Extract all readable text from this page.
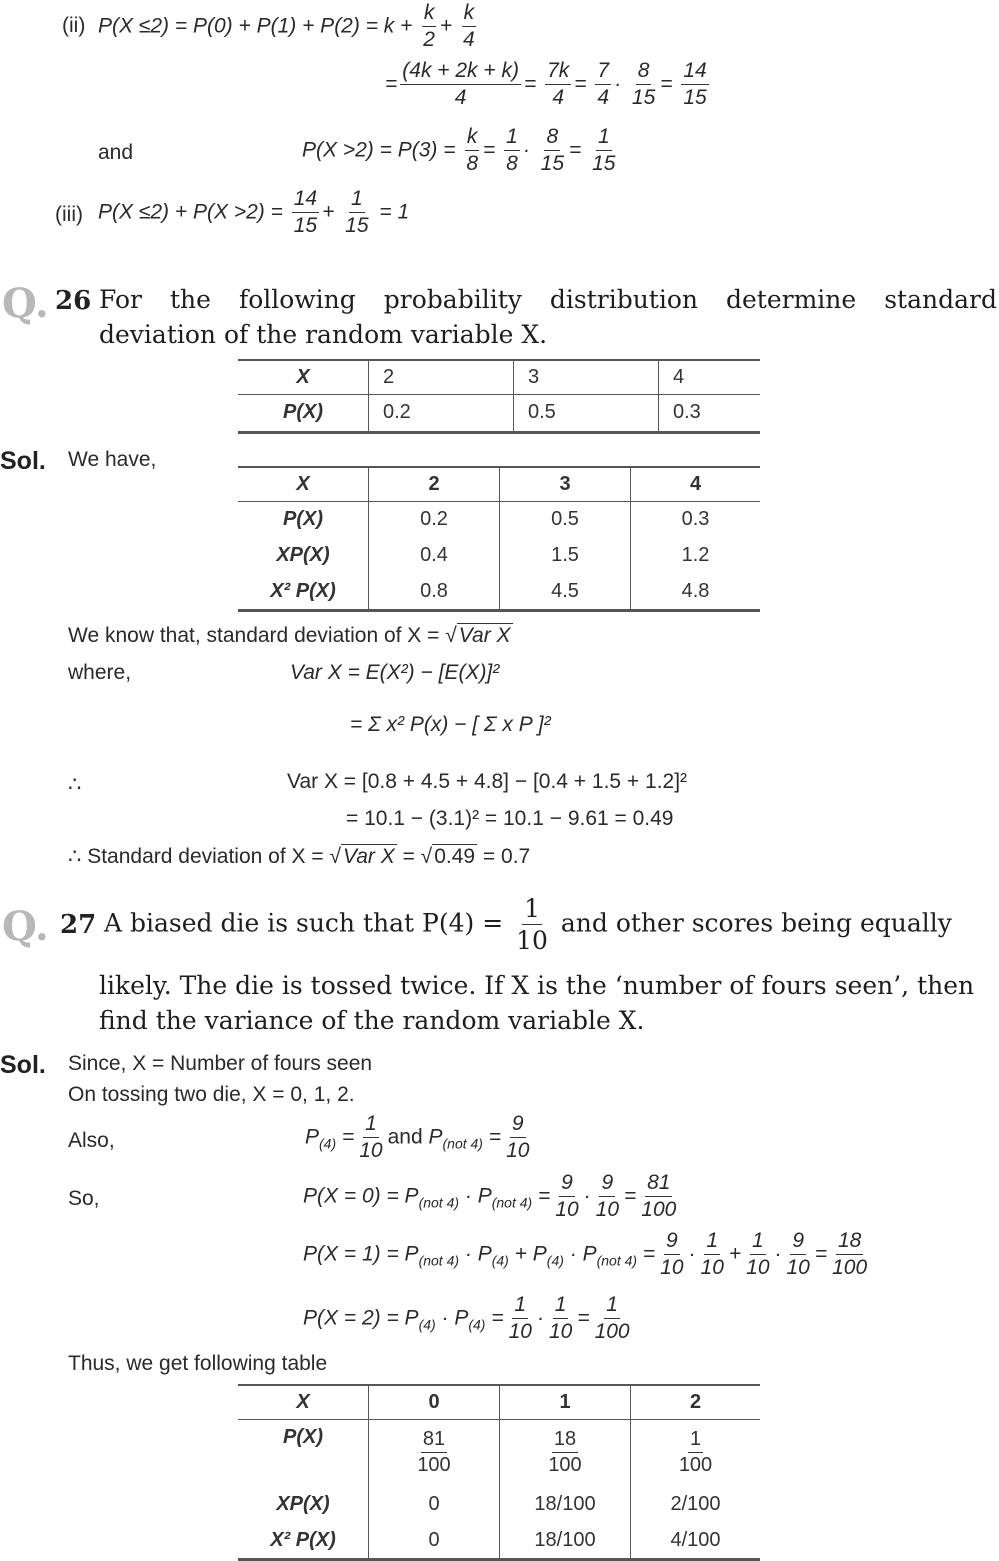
(ii) $P(X \le 2) = P(0) + P(1) + P(2) = k + \frac{k}{2} + \frac{k}{4}$
= $\frac{(4k + 2k + k)}{4} = \frac{7k}{4} = \frac{7}{4} \cdot \frac{8}{15} = \frac{14}{15}$
and	$P(X >2) = P(3) = \frac{k}{8} = \frac{1}{8} \cdot \frac{8}{15} = \frac{1}{15}$
(iii) $P(X \le 2) + P(X >2) = \frac{14}{15} + \frac{1}{15} = 1$
Q. 26 For the following probability distribution determine standard
deviation of the random variable X.
X	2	3	4
P(X)	0.2	0.5	0.3
Sol. We have,
X	2	3	4
P(X)	0.2	0.5	0.3
XP(X)	0.4	1.5	1.2
X² P(X)	0.8	4.5	4.8
We know that, standard deviation of X = √Var X
where,	Var X = E(X²) − [E(X)]²
= Σ x² P(x) − [ Σ x P ]²
∴	Var X = [0.8 + 4.5 + 4.8] − [0.4 + 1.5 + 1.2]²
= 10.1 − (3.1)² = 10.1 − 9.61 = 0.49
∴ Standard deviation of X = √Var X = √0.49 = 0.7
Q. 27 A biased die is such that $P(4) = \frac{1}{10}$ and other scores being equally
likely. The die is tossed twice. If X is the ‘number of fours seen’, then
find the variance of the random variable X.
Sol. Since, X = Number of fours seen
On tossing two die, X = 0, 1, 2.
Also,	$P_{(4)} = \frac{1}{10}$ and $P_{(not 4)} = \frac{9}{10}$
So,	$P(X = 0) = P_{(not 4)} \cdot P_{(not 4)} = \frac{9}{10} \cdot \frac{9}{10} = \frac{81}{100}$
$P(X = 1) = P_{(not 4)} \cdot P_{(4)} + P_{(4)} \cdot P_{(not 4)} = \frac{9}{10} \cdot \frac{1}{10} + \frac{1}{10} \cdot \frac{9}{10} = \frac{18}{100}$
$P(X = 2) = P_{(4)} \cdot P_{(4)} = \frac{1}{10} \cdot \frac{1}{10} = \frac{1}{100}$
Thus, we get following table
X	0	1	2
P(X)	$\frac{81}{100}$	$\frac{18}{100}$	$\frac{1}{100}$

XP(X)	0	18/100	2/100
X² P(X)	0	18/100	4/100
